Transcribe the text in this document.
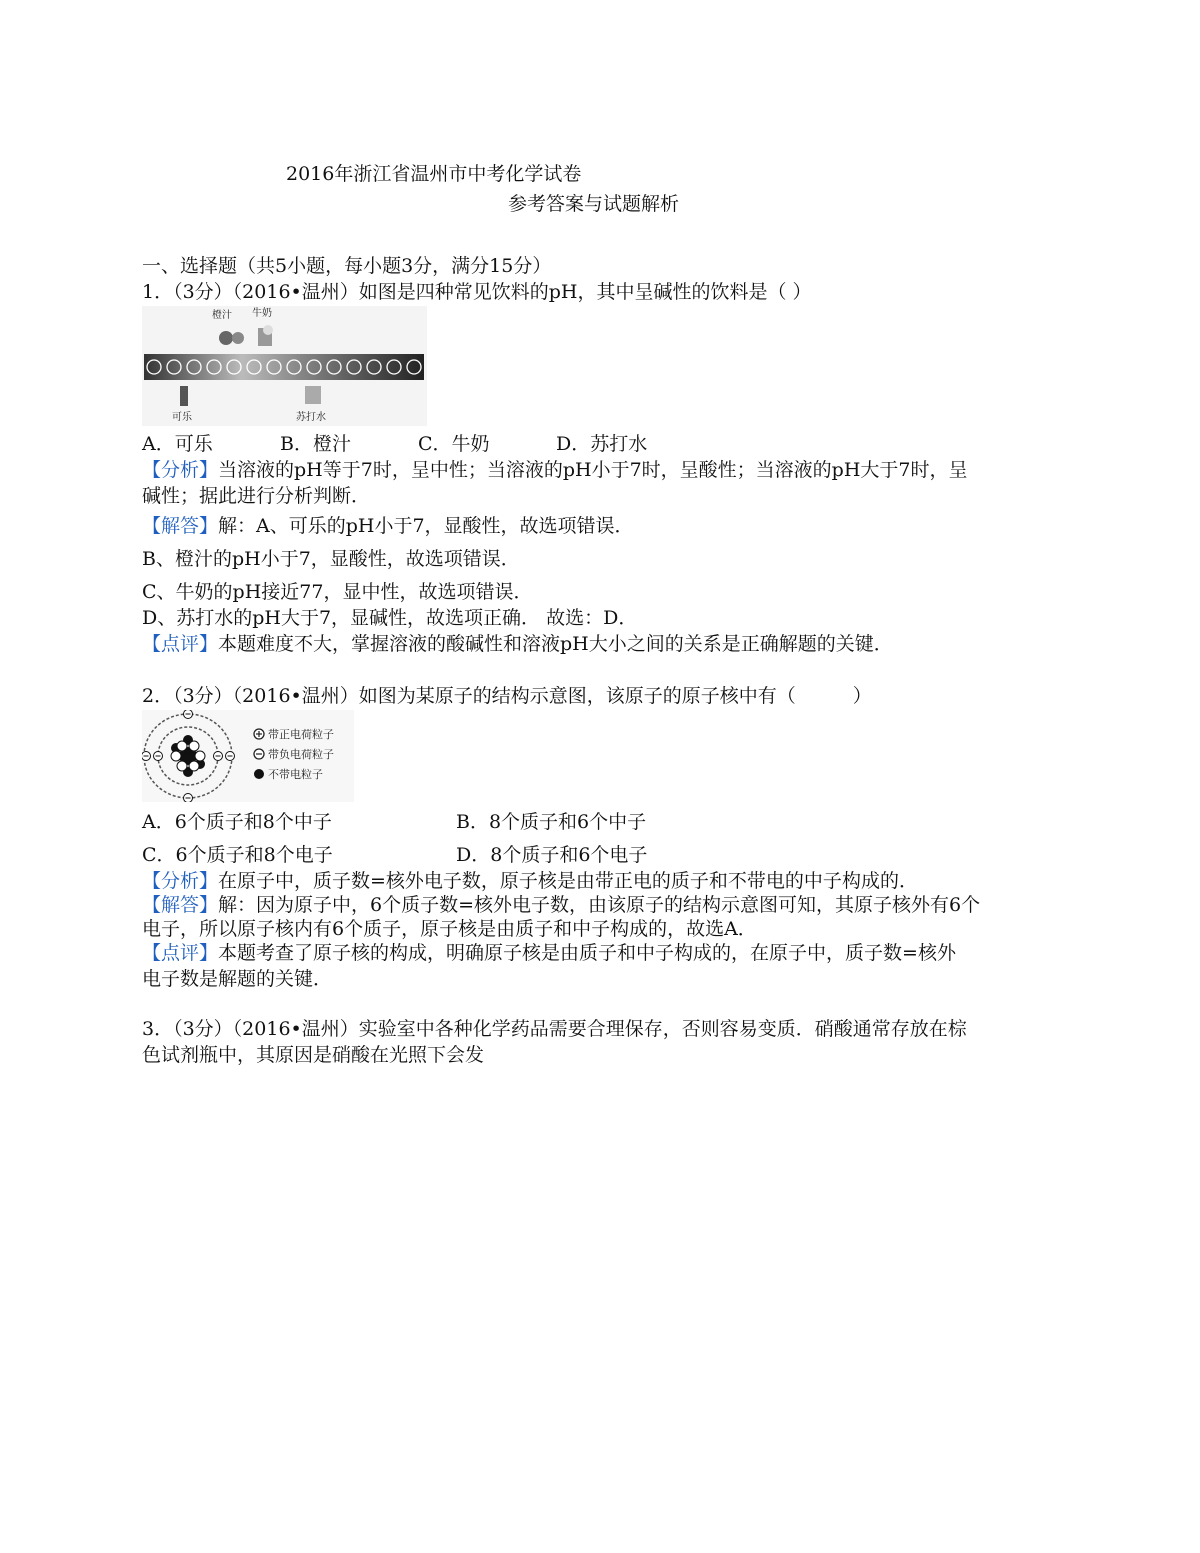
2016年浙江省温州市中考化学试卷
参考答案与试题解析
一、选择题（共5小题，每小题3分，满分15分）
1．（3分）（2016•温州）如图是四种常见饮料的pH，其中呈碱性的饮料是（ ）
橙汁 牛奶
可乐	苏打水
A．可乐	B．橙汁	C．牛奶	D．苏打水
【分析】当溶液的pH等于7时，呈中性；当溶液的pH小于7时，呈酸性；当溶液的pH大于7时，呈
碱性；据此进行分析判断．
【解答】解：A、可乐的pH小于7，显酸性，故选项错误．
B、橙汁的pH小于7，显酸性，故选项错误．
C、牛奶的pH接近77，显中性，故选项错误．
D、苏打水的pH大于7，显碱性，故选项正确． 故选：D．
【点评】本题难度不大，掌握溶液的酸碱性和溶液pH大小之间的关系是正确解题的关键．
2．（3分）（2016•温州）如图为某原子的结构示意图，该原子的原子核中有（　　　）
带正电荷粒子
带负电荷粒子
不带电粒子
A．6个质子和8个中子	B．8个质子和6个中子
C．6个质子和8个电子	D．8个质子和6个电子
【分析】在原子中，质子数=核外电子数，原子核是由带正电的质子和不带电的中子构成的．
【解答】解：因为原子中，6个质子数=核外电子数，由该原子的结构示意图可知，其原子核外有6个
电子，所以原子核内有6个质子，原子核是由质子和中子构成的，故选A．
【点评】本题考查了原子核的构成，明确原子核是由质子和中子构成的，在原子中，质子数=核外
电子数是解题的关键．
3．（3分）（2016•温州）实验室中各种化学药品需要合理保存，否则容易变质．硝酸通常存放在棕
色试剂瓶中，其原因是硝酸在光照下会发
